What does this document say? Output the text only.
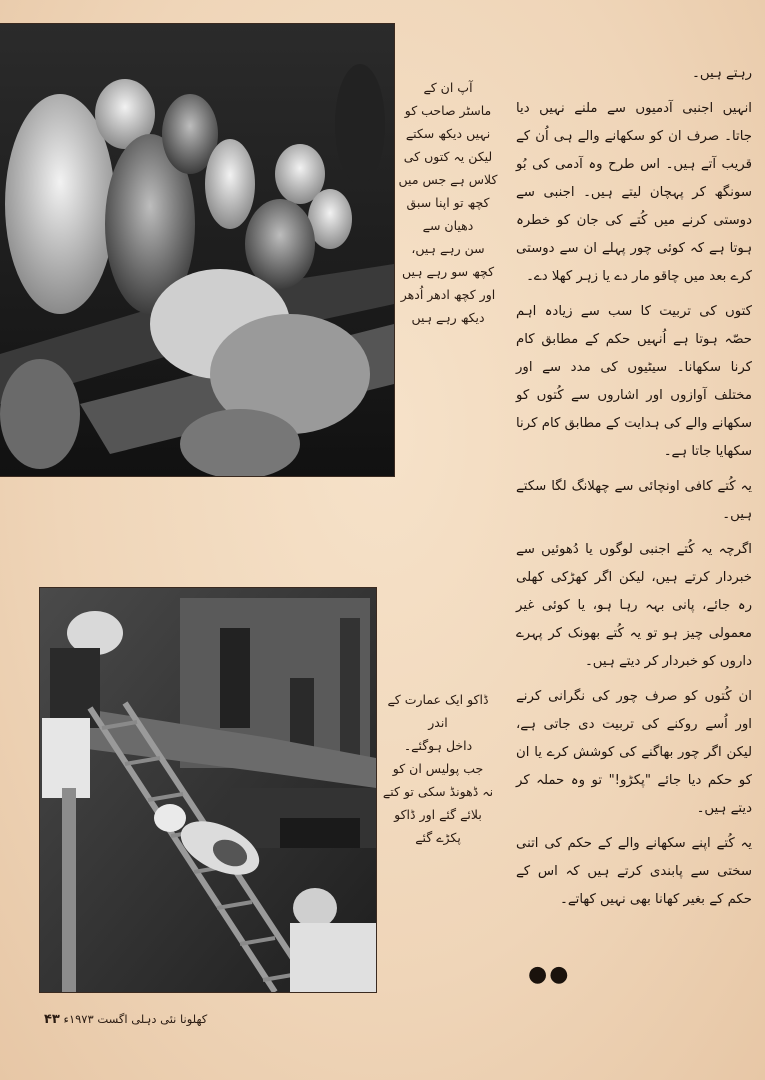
آپ ان کے
ماسٹر صاحب کو
نہیں دیکھ سکتے
لیکن یہ کتوں کی
کلاس ہے جس میں
کچھ تو اپنا سبق
دھیان سے
سن رہے ہیں،
کچھ سو رہے ہیں
اور کچھ ادھر اُدھر
دیکھ رہے ہیں
ڈاکو ایک عمارت کے اندر
داخل ہوگئے۔
جب پولیس ان کو
نہ ڈھونڈ سکی تو کتے
بلائے گئے اور ڈاکو
پکڑے گئے

رہتے ہیں۔

انہیں اجنبی آدمیوں سے ملنے نہیں دیا جاتا۔ صرف ان کو سکھانے والے ہی اُن کے قریب آتے ہیں۔ اس طرح وہ آدمی کی بُو سونگھ کر پہچان لیتے ہیں۔ اجنبی سے دوستی کرنے میں کُتے کی جان کو خطرہ ہوتا ہے کہ کوئی چور پہلے ان سے دوستی کرے بعد میں چاقو مار دے یا زہر کھلا دے۔

کتوں کی تربیت کا سب سے زیادہ اہم حصّہ ہوتا ہے اُنہیں حکم کے مطابق کام کرنا سکھانا۔ سیٹیوں کی مدد سے اور مختلف آوازوں اور اشاروں سے کُتوں کو سکھانے والے کی ہدایت کے مطابق کام کرنا سکھایا جاتا ہے۔

یہ کُتے کافی اونچائی سے چھلانگ لگا سکتے ہیں۔

اگرچہ یہ کُتے اجنبی لوگوں یا دُھوئیں سے خبردار کرتے ہیں، لیکن اگر کھڑکی کھلی رہ جائے، پانی بہہ رہا ہو، یا کوئی غیر معمولی چیز ہو تو یہ کُتے بھونک کر پہرے داروں کو خبردار کر دیتے ہیں۔

ان کُتوں کو صرف چور کی نگرانی کرنے اور اُسے روکنے کی تربیت دی جاتی ہے، لیکن اگر چور بھاگنے کی کوشش کرے یا ان کو حکم دیا جائے "پکڑو!" تو وہ حملہ کر دیتے ہیں۔

یہ کُتے اپنے سکھانے والے کے حکم کی اتنی سختی سے پابندی کرتے ہیں کہ اس کے حکم کے بغیر کھانا بھی نہیں کھاتے۔

●●
کھلونا نئی دہلی اگست ۱۹۷۳ء ۴۳
